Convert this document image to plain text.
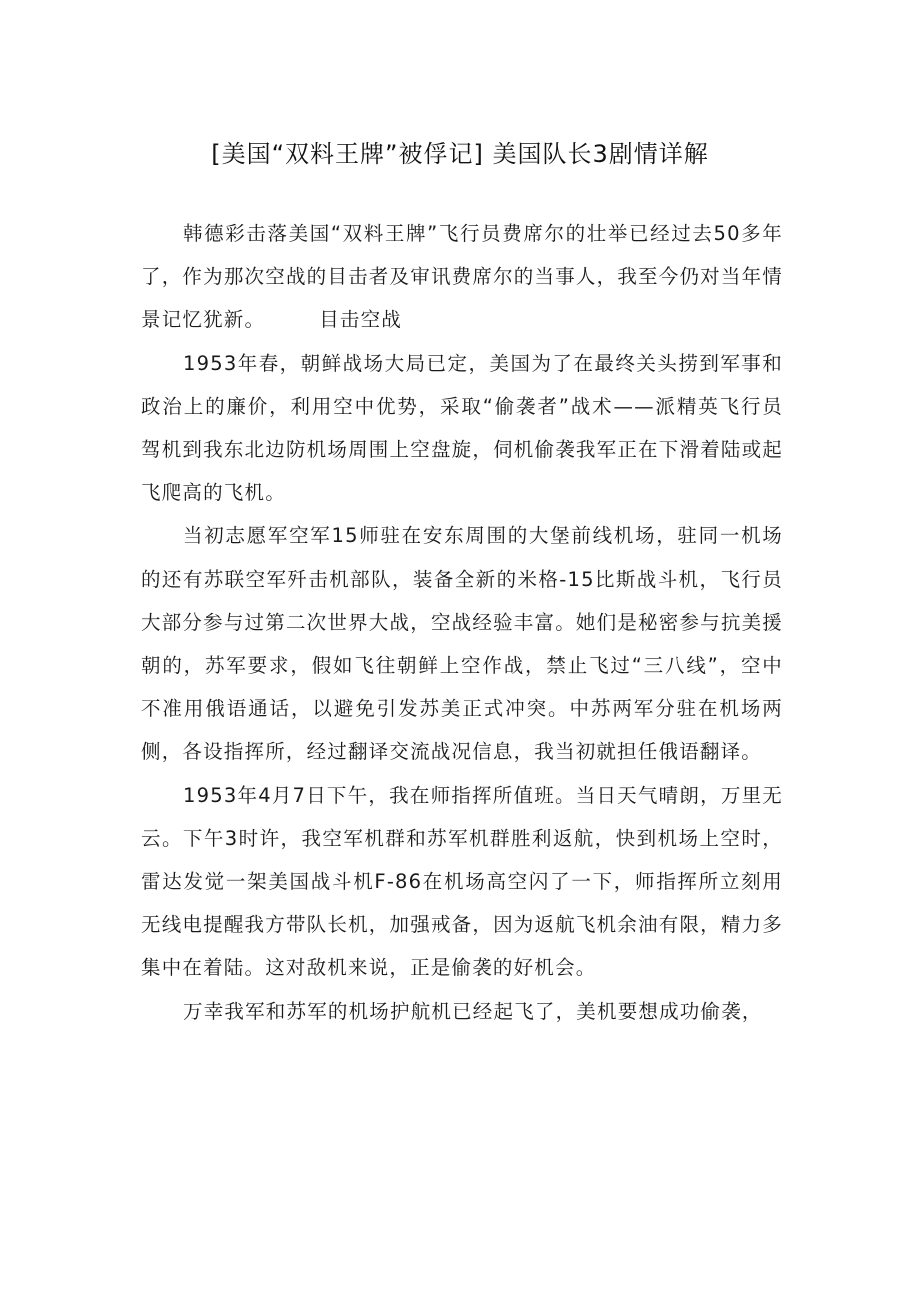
[美国“双料王牌”被俘记] 美国队长3剧情详解

韩德彩击落美国“双料王牌”飞行员费席尔的壮举已经过去50多年了，作为那次空战的目击者及审讯费席尔的当事人，我至今仍对当年情景记忆犹新。	目击空战

1953年春，朝鲜战场大局已定，美国为了在最终关头捞到军事和政治上的廉价，利用空中优势，采取“偷袭者”战术——派精英飞行员驾机到我东北边防机场周围上空盘旋，伺机偷袭我军正在下滑着陆或起飞爬高的飞机。

当初志愿军空军15师驻在安东周围的大堡前线机场，驻同一机场的还有苏联空军歼击机部队，装备全新的米格-15比斯战斗机，飞行员大部分参与过第二次世界大战，空战经验丰富。她们是秘密参与抗美援朝的，苏军要求，假如飞往朝鲜上空作战，禁止飞过“三八线”，空中不准用俄语通话，以避免引发苏美正式冲突。中苏两军分驻在机场两侧，各设指挥所，经过翻译交流战况信息，我当初就担任俄语翻译。

1953年4月7日下午，我在师指挥所值班。当日天气晴朗，万里无云。下午3时许，我空军机群和苏军机群胜利返航，快到机场上空时，雷达发觉一架美国战斗机F-86在机场高空闪了一下，师指挥所立刻用无线电提醒我方带队长机，加强戒备，因为返航飞机余油有限，精力多集中在着陆。这对敌机来说，正是偷袭的好机会。

万幸我军和苏军的机场护航机已经起飞了，美机要想成功偷袭，
